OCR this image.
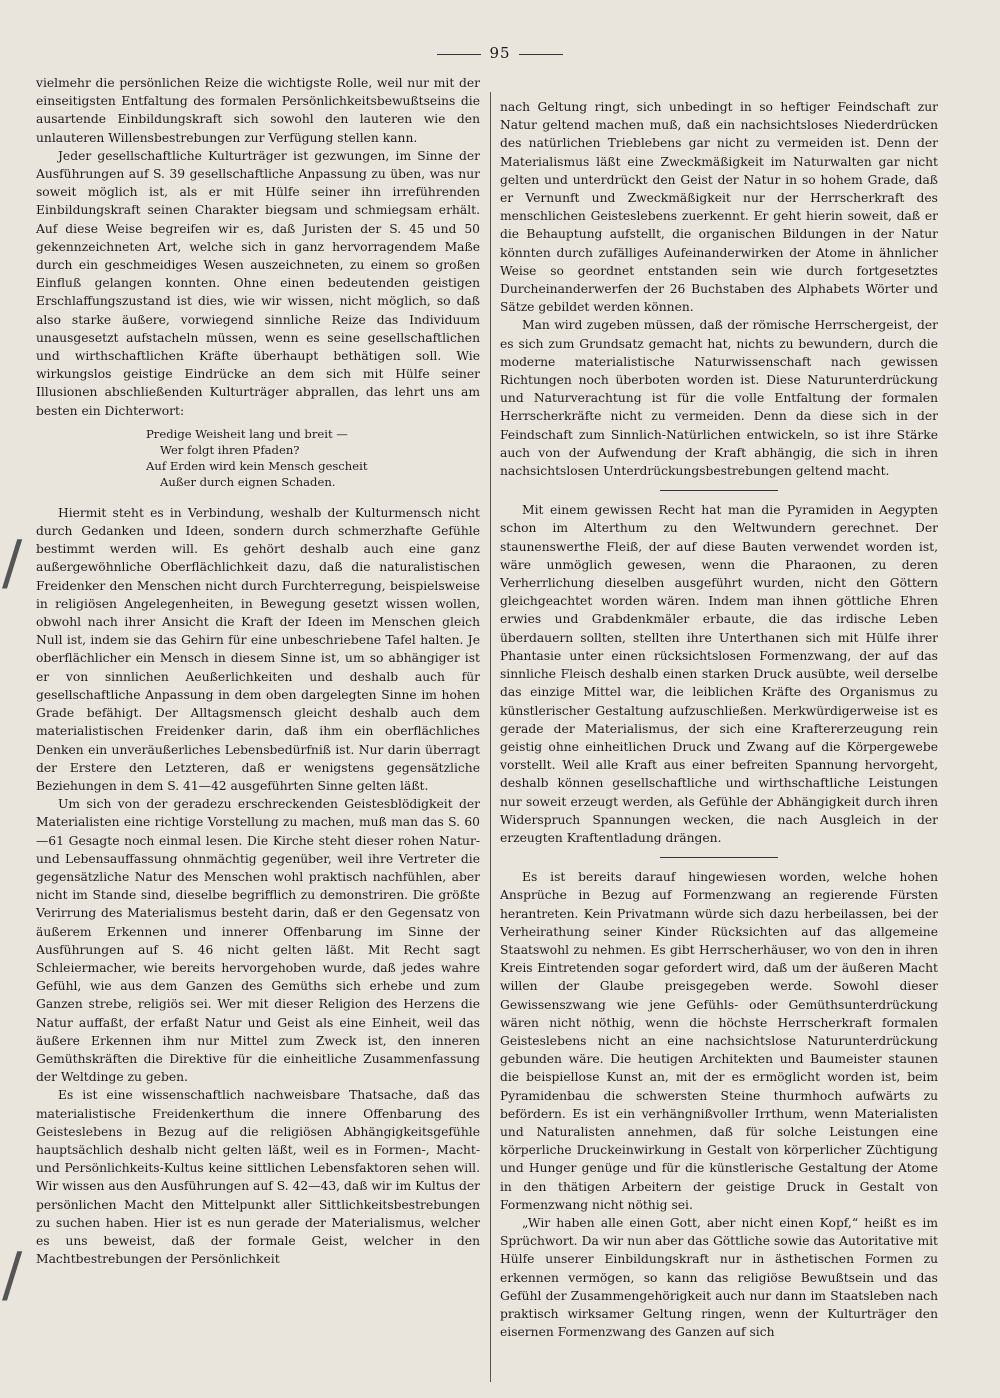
95
/
/

vielmehr die persönlichen Reize die wichtigste Rolle, weil nur mit der einseitigsten Entfaltung des formalen Persönlichkeitsbewußtseins die ausartende Einbildungskraft sich sowohl den lauteren wie den unlauteren Willensbestrebungen zur Verfügung stellen kann.

Jeder gesellschaftliche Kulturträger ist gezwungen, im Sinne der Ausführungen auf S. 39 gesellschaftliche Anpassung zu üben, was nur soweit möglich ist, als er mit Hülfe seiner ihn irreführenden Einbildungskraft seinen Charakter biegsam und schmiegsam erhält. Auf diese Weise begreifen wir es, daß Juristen der S. 45 und 50 gekennzeichneten Art, welche sich in ganz hervorragendem Maße durch ein geschmeidiges Wesen auszeichneten, zu einem so großen Einfluß gelangen konnten. Ohne einen bedeutenden geistigen Erschlaffungszustand ist dies, wie wir wissen, nicht möglich, so daß also starke äußere, vorwiegend sinnliche Reize das Individuum unausgesetzt aufstacheln müssen, wenn es seine gesellschaftlichen und wirthschaftlichen Kräfte überhaupt bethätigen soll. Wie wirkungslos geistige Eindrücke an dem sich mit Hülfe seiner Illusionen abschließenden Kulturträger abprallen, das lehrt uns am besten ein Dichterwort:

Predige Weisheit lang und breit —
Wer folgt ihren Pfaden?
Auf Erden wird kein Mensch gescheit
Außer durch eignen Schaden.

Hiermit steht es in Verbindung, weshalb der Kulturmensch nicht durch Gedanken und Ideen, sondern durch schmerzhafte Gefühle bestimmt werden will. Es gehört deshalb auch eine ganz außergewöhnliche Oberflächlichkeit dazu, daß die naturalistischen Freidenker den Menschen nicht durch Furchterregung, beispielsweise in religiösen Angelegenheiten, in Bewegung gesetzt wissen wollen, obwohl nach ihrer Ansicht die Kraft der Ideen im Menschen gleich Null ist, indem sie das Gehirn für eine unbeschriebene Tafel halten. Je oberflächlicher ein Mensch in diesem Sinne ist, um so abhängiger ist er von sinnlichen Aeußerlichkeiten und deshalb auch für gesellschaftliche Anpassung in dem oben dargelegten Sinne im hohen Grade befähigt. Der Alltagsmensch gleicht deshalb auch dem materialistischen Freidenker darin, daß ihm ein oberflächliches Denken ein unveräußerliches Lebensbedürfniß ist. Nur darin überragt der Erstere den Letzteren, daß er wenigstens gegensätzliche Beziehungen in dem S. 41—42 ausgeführten Sinne gelten läßt.

Um sich von der geradezu erschreckenden Geistesblödigkeit der Materialisten eine richtige Vorstellung zu machen, muß man das S. 60—61 Gesagte noch einmal lesen. Die Kirche steht dieser rohen Natur- und Lebensauffassung ohnmächtig gegenüber, weil ihre Vertreter die gegensätzliche Natur des Menschen wohl praktisch nachfühlen, aber nicht im Stande sind, dieselbe begrifflich zu demonstriren. Die größte Verirrung des Materialismus besteht darin, daß er den Gegensatz von äußerem Erkennen und innerer Offenbarung im Sinne der Ausführungen auf S. 46 nicht gelten läßt. Mit Recht sagt Schleiermacher, wie bereits hervorgehoben wurde, daß jedes wahre Gefühl, wie aus dem Ganzen des Gemüths sich erhebe und zum Ganzen strebe, religiös sei. Wer mit dieser Religion des Herzens die Natur auffaßt, der erfaßt Natur und Geist als eine Einheit, weil das äußere Erkennen ihm nur Mittel zum Zweck ist, den inneren Gemüthskräften die Direktive für die einheitliche Zusammenfassung der Weltdinge zu geben.

Es ist eine wissenschaftlich nachweisbare Thatsache, daß das materialistische Freidenkerthum die innere Offenbarung des Geisteslebens in Bezug auf die religiösen Abhängigkeitsgefühle hauptsächlich deshalb nicht gelten läßt, weil es in Formen-, Macht- und Persönlichkeits-Kultus keine sittlichen Lebensfaktoren sehen will. Wir wissen aus den Ausführungen auf S. 42—43, daß wir im Kultus der persönlichen Macht den Mittelpunkt aller Sittlichkeitsbestrebungen zu suchen haben. Hier ist es nun gerade der Materialismus, welcher es uns beweist, daß der formale Geist, welcher in den Machtbestrebungen der Persönlichkeit

nach Geltung ringt, sich unbedingt in so heftiger Feindschaft zur Natur geltend machen muß, daß ein nachsichtsloses Niederdrücken des natürlichen Trieblebens gar nicht zu vermeiden ist. Denn der Materialismus läßt eine Zweckmäßigkeit im Naturwalten gar nicht gelten und unterdrückt den Geist der Natur in so hohem Grade, daß er Vernunft und Zweckmäßigkeit nur der Herrscherkraft des menschlichen Geisteslebens zuerkennt. Er geht hierin soweit, daß er die Behauptung aufstellt, die organischen Bildungen in der Natur könnten durch zufälliges Aufeinanderwirken der Atome in ähnlicher Weise so geordnet entstanden sein wie durch fortgesetztes Durcheinanderwerfen der 26 Buchstaben des Alphabets Wörter und Sätze gebildet werden können.

Man wird zugeben müssen, daß der römische Herrschergeist, der es sich zum Grundsatz gemacht hat, nichts zu bewundern, durch die moderne materialistische Naturwissenschaft nach gewissen Richtungen noch überboten worden ist. Diese Naturunterdrückung und Naturverachtung ist für die volle Entfaltung der formalen Herrscherkräfte nicht zu vermeiden. Denn da diese sich in der Feindschaft zum Sinnlich-Natürlichen entwickeln, so ist ihre Stärke auch von der Aufwendung der Kraft abhängig, die sich in ihren nachsichtslosen Unterdrückungsbestrebungen geltend macht.

Mit einem gewissen Recht hat man die Pyramiden in Aegypten schon im Alterthum zu den Weltwundern gerechnet. Der staunenswerthe Fleiß, der auf diese Bauten verwendet worden ist, wäre unmöglich gewesen, wenn die Pharaonen, zu deren Verherrlichung dieselben ausgeführt wurden, nicht den Göttern gleichgeachtet worden wären. Indem man ihnen göttliche Ehren erwies und Grabdenkmäler erbaute, die das irdische Leben überdauern sollten, stellten ihre Unterthanen sich mit Hülfe ihrer Phantasie unter einen rücksichtslosen Formenzwang, der auf das sinnliche Fleisch deshalb einen starken Druck ausübte, weil derselbe das einzige Mittel war, die leiblichen Kräfte des Organismus zu künstlerischer Gestaltung aufzuschließen. Merkwürdigerweise ist es gerade der Materialismus, der sich eine Kraftererzeugung rein geistig ohne einheitlichen Druck und Zwang auf die Körpergewebe vorstellt. Weil alle Kraft aus einer befreiten Spannung hervorgeht, deshalb können gesellschaftliche und wirthschaftliche Leistungen nur soweit erzeugt werden, als Gefühle der Abhängigkeit durch ihren Widerspruch Spannungen wecken, die nach Ausgleich in der erzeugten Kraftentladung drängen.

Es ist bereits darauf hingewiesen worden, welche hohen Ansprüche in Bezug auf Formenzwang an regierende Fürsten herantreten. Kein Privatmann würde sich dazu herbeilassen, bei der Verheirathung seiner Kinder Rücksichten auf das allgemeine Staatswohl zu nehmen. Es gibt Herrscherhäuser, wo von den in ihren Kreis Eintretenden sogar gefordert wird, daß um der äußeren Macht willen der Glaube preisgegeben werde. Sowohl dieser Gewissenszwang wie jene Gefühls- oder Gemüthsunterdrückung wären nicht nöthig, wenn die höchste Herrscherkraft formalen Geisteslebens nicht an eine nachsichtslose Naturunterdrückung gebunden wäre. Die heutigen Architekten und Baumeister staunen die beispiellose Kunst an, mit der es ermöglicht worden ist, beim Pyramidenbau die schwersten Steine thurmhoch aufwärts zu befördern. Es ist ein verhängnißvoller Irrthum, wenn Materialisten und Naturalisten annehmen, daß für solche Leistungen eine körperliche Druckeinwirkung in Gestalt von körperlicher Züchtigung und Hunger genüge und für die künstlerische Gestaltung der Atome in den thätigen Arbeitern der geistige Druck in Gestalt von Formenzwang nicht nöthig sei.

„Wir haben alle einen Gott, aber nicht einen Kopf,“ heißt es im Sprüchwort. Da wir nun aber das Göttliche sowie das Autoritative mit Hülfe unserer Einbildungskraft nur in ästhetischen Formen zu erkennen vermögen, so kann das religiöse Bewußtsein und das Gefühl der Zusammengehörigkeit auch nur dann im Staatsleben nach praktisch wirksamer Geltung ringen, wenn der Kulturträger den eisernen Formenzwang des Ganzen auf sich
